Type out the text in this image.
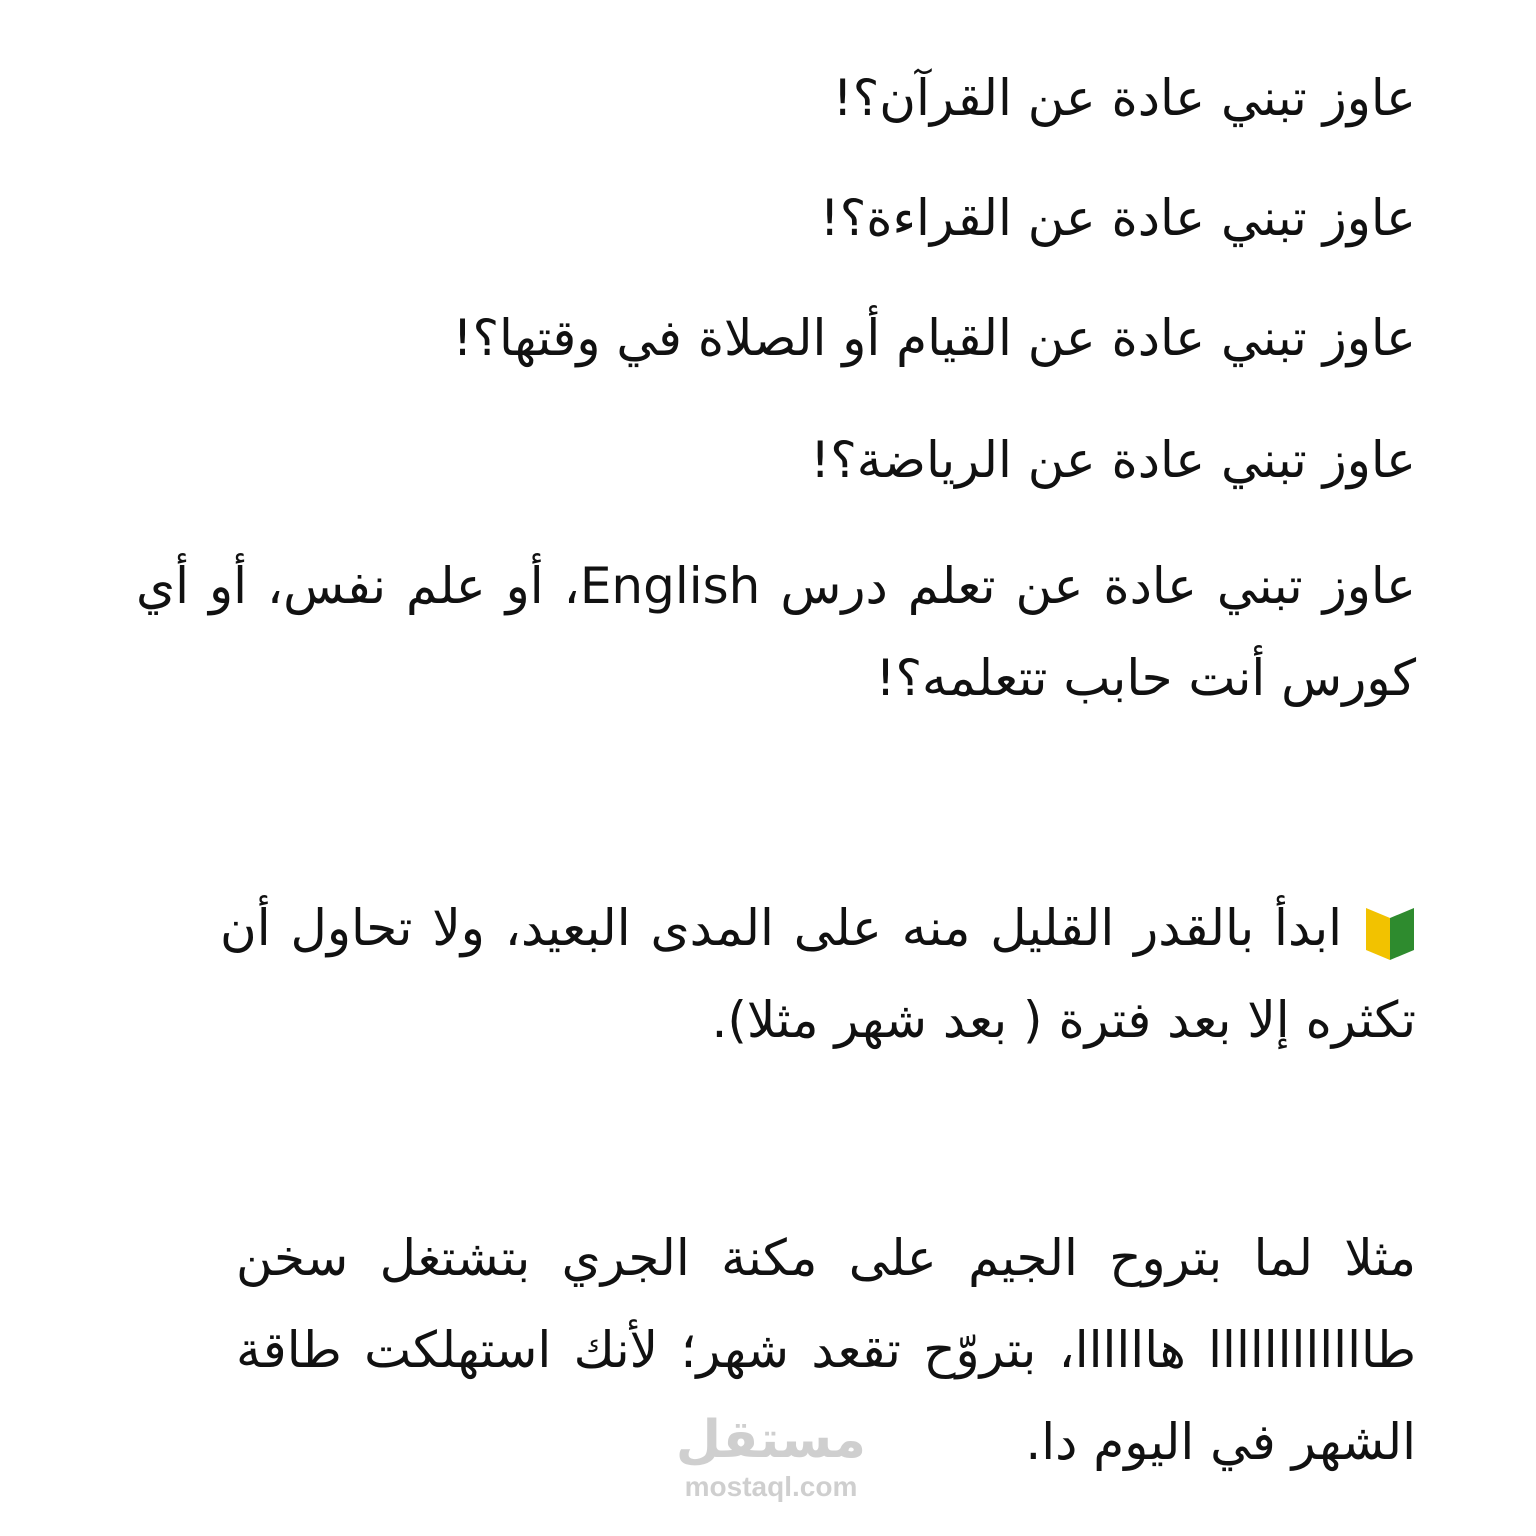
عاوز تبني عادة عن القرآن؟!
عاوز تبني عادة عن القراءة؟!
عاوز تبني عادة عن القيام أو الصلاة في وقتها؟!
عاوز تبني عادة عن الرياضة؟!
عاوز تبني عادة عن تعلم درس English، أو علم نفس، أو أي كورس أنت حابب تتعلمه؟!
ابدأ بالقدر القليل منه على المدى البعيد، ولا تحاول أن تكثره إلا بعد فترة ( بعد شهر مثلا).
مثلا لما بتروح الجيم على مكنة الجري بتشتغل سخن طاااااااااااا هاااااا، بتروّح تقعد شهر؛ لأنك استهلكت طاقة الشهر في اليوم دا.
مستقل
mostaql.com
